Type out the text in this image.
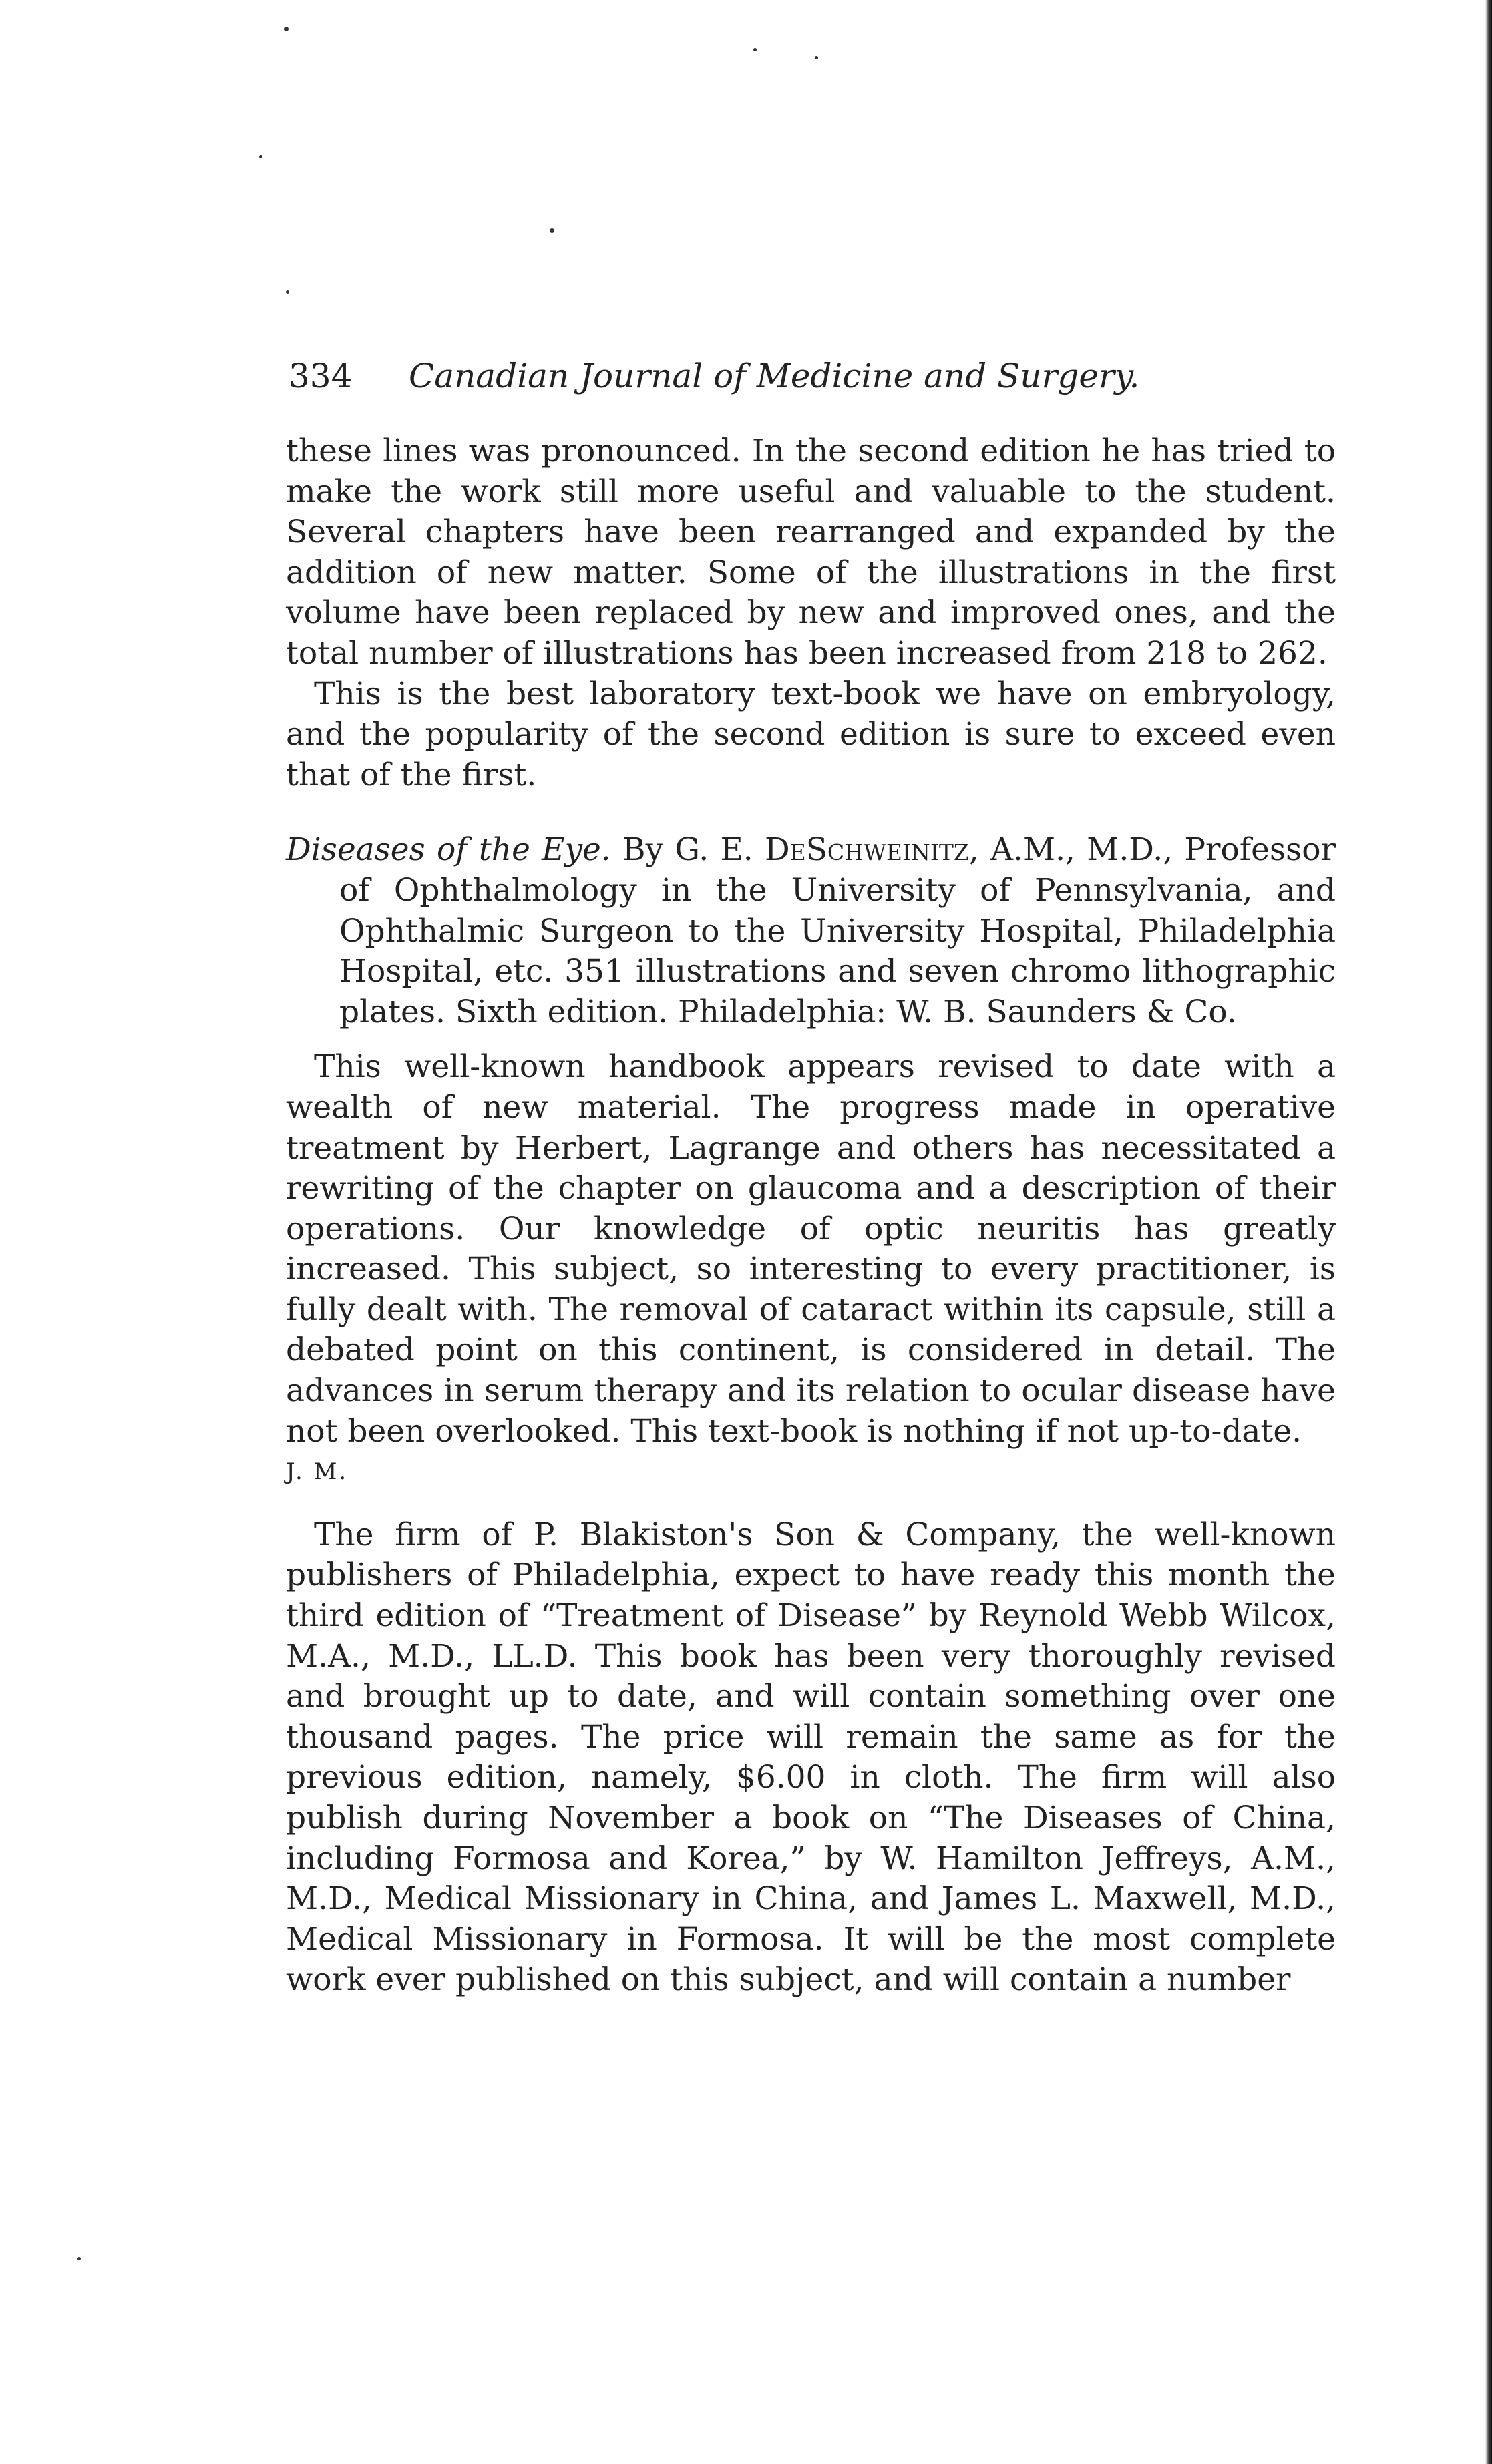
334 Canadian Journal of Medicine and Surgery.

these lines was pronounced. In the second edition he has tried to make the work still more useful and valuable to the student. Several chapters have been rearranged and expanded by the addition of new matter. Some of the illustrations in the first volume have been replaced by new and improved ones, and the total number of illustrations has been increased from 218 to 262.

This is the best laboratory text-book we have on embryology, and the popularity of the second edition is sure to exceed even that of the first.

Diseases of the Eye. By G. E. DeSchweinitz, A.M., M.D., Professor of Ophthalmology in the University of Pennsylvania, and Ophthalmic Surgeon to the University Hospital, Philadelphia Hospital, etc. 351 illustrations and seven chromo lithographic plates. Sixth edition. Philadelphia: W. B. Saunders & Co.

This well-known handbook appears revised to date with a wealth of new material. The progress made in operative treatment by Herbert, Lagrange and others has necessitated a rewriting of the chapter on glaucoma and a description of their operations. Our knowledge of optic neuritis has greatly increased. This subject, so interesting to every practitioner, is fully dealt with. The removal of cataract within its capsule, still a debated point on this continent, is considered in detail. The advances in serum therapy and its relation to ocular disease have not been overlooked. This text-book is nothing if not up-to-date.

J. M.

The firm of P. Blakiston's Son & Company, the well-known publishers of Philadelphia, expect to have ready this month the third edition of “Treatment of Disease” by Reynold Webb Wilcox, M.A., M.D., LL.D. This book has been very thoroughly revised and brought up to date, and will contain something over one thousand pages. The price will remain the same as for the previous edition, namely, $6.00 in cloth. The firm will also publish during November a book on “The Diseases of China, including Formosa and Korea,” by W. Hamilton Jeffreys, A.M., M.D., Medical Missionary in China, and James L. Maxwell, M.D., Medical Missionary in Formosa. It will be the most complete work ever published on this subject, and will contain a number
